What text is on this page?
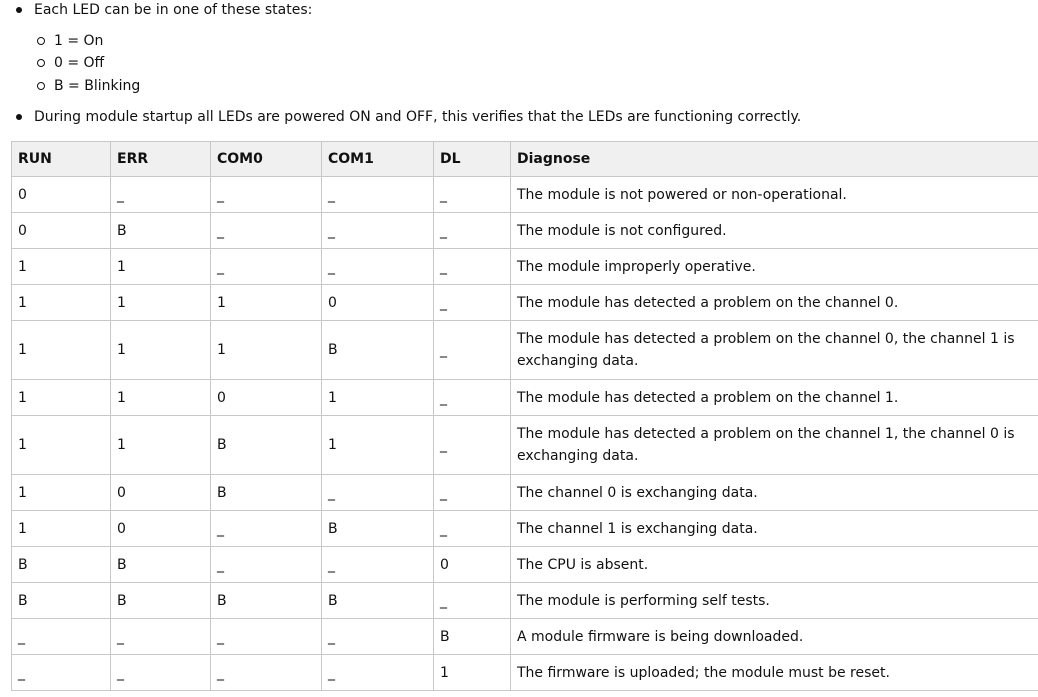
Each LED can be in one of these states:
1 = On
0 = Off
B = Blinking
During module startup all LEDs are powered ON and OFF, this verifies that the LEDs are functioning correctly.
RUN	ERR	COM0	COM1	DL	Diagnose
0	_	_	_	_	The module is not powered or non-operational.
0	B	_	_	_	The module is not configured.
1	1	_	_	_	The module improperly operative.
1	1	1	0	_	The module has detected a problem on the channel 0.
1	1	1	B	_	The module has detected a problem on the channel 0, the channel 1 is exchanging data.
1	1	0	1	_	The module has detected a problem on the channel 1.
1	1	B	1	_	The module has detected a problem on the channel 1, the channel 0 is exchanging data.
1	0	B	_	_	The channel 0 is exchanging data.
1	0	_	B	_	The channel 1 is exchanging data.
B	B	_	_	0	The CPU is absent.
B	B	B	B	_	The module is performing self tests.
_	_	_	_	B	A module firmware is being downloaded.
_	_	_	_	1	The firmware is uploaded; the module must be reset.
